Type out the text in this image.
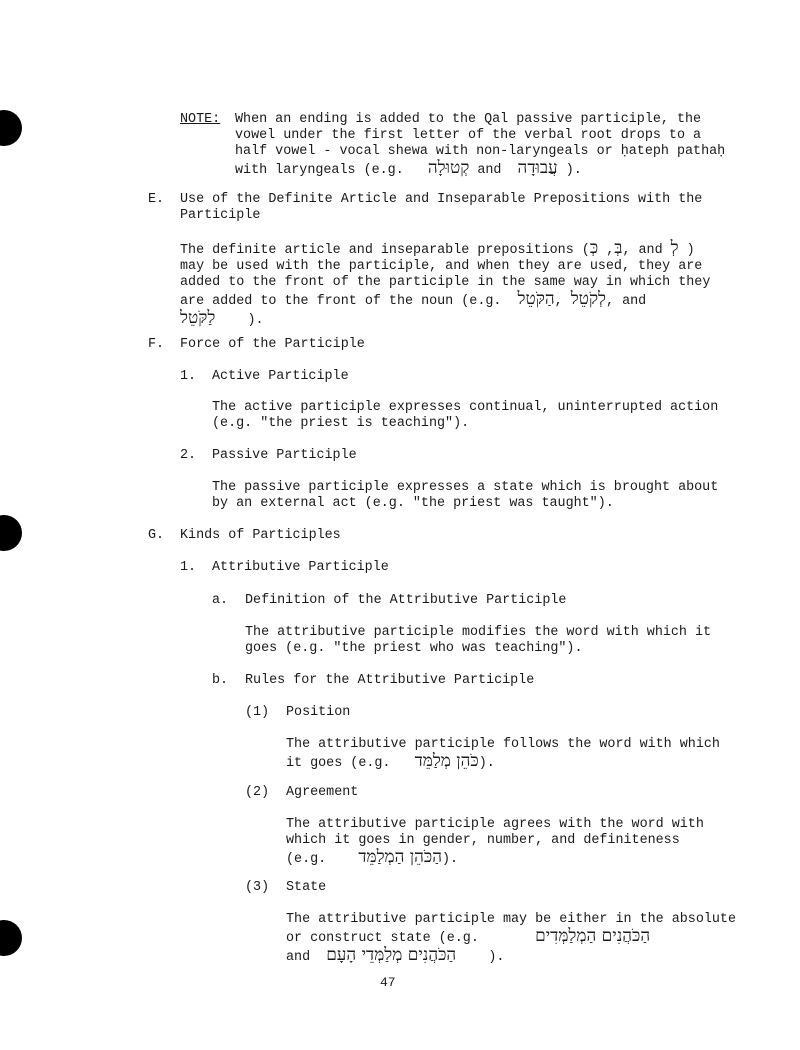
NOTE: When an ending is added to the Qal passive participle, the
vowel under the first letter of the verbal root drops to a
half vowel - vocal shewa with non-laryngeals or ḥateph pathaḥ
with laryngeals (e.g. קְטוּלָה and עֲבוּדָה ).
E. Use of the Definite Article and Inseparable Prepositions with the
Participle
The definite article and inseparable prepositions ( בְּ, כְּ , and לְ )
may be used with the participle, and when they are used, they are
added to the front of the participle in the same way in which they
are added to the front of the noun (e.g. הַקֹּטֵל, לְקֹטֵל, and
לַקֹּטֵל ).
F. Force of the Participle
1. Active Participle
The active participle expresses continual, uninterrupted action
(e.g. "the priest is teaching").
2. Passive Participle
The passive participle expresses a state which is brought about
by an external act (e.g. "the priest was taught").
G. Kinds of Participles
1. Attributive Participle
a. Definition of the Attributive Participle
The attributive participle modifies the word with which it
goes (e.g. "the priest who was teaching").
b. Rules for the Attributive Participle
(1) Position
The attributive participle follows the word with which
it goes (e.g. כֹּהֵן מְלַמֵּד).
(2) Agreement
The attributive participle agrees with the word with
which it goes in gender, number, and definiteness
(e.g. הַכֹּהֵן הַמְלַמֵּד).
(3) State
The attributive participle may be either in the absolute
or construct state (e.g.	הַכֹּהֲנִים הַמְלַמְּדִים
and הַכֹּהֲנִים מְלַמְּדֵי הָעָם ).
47
